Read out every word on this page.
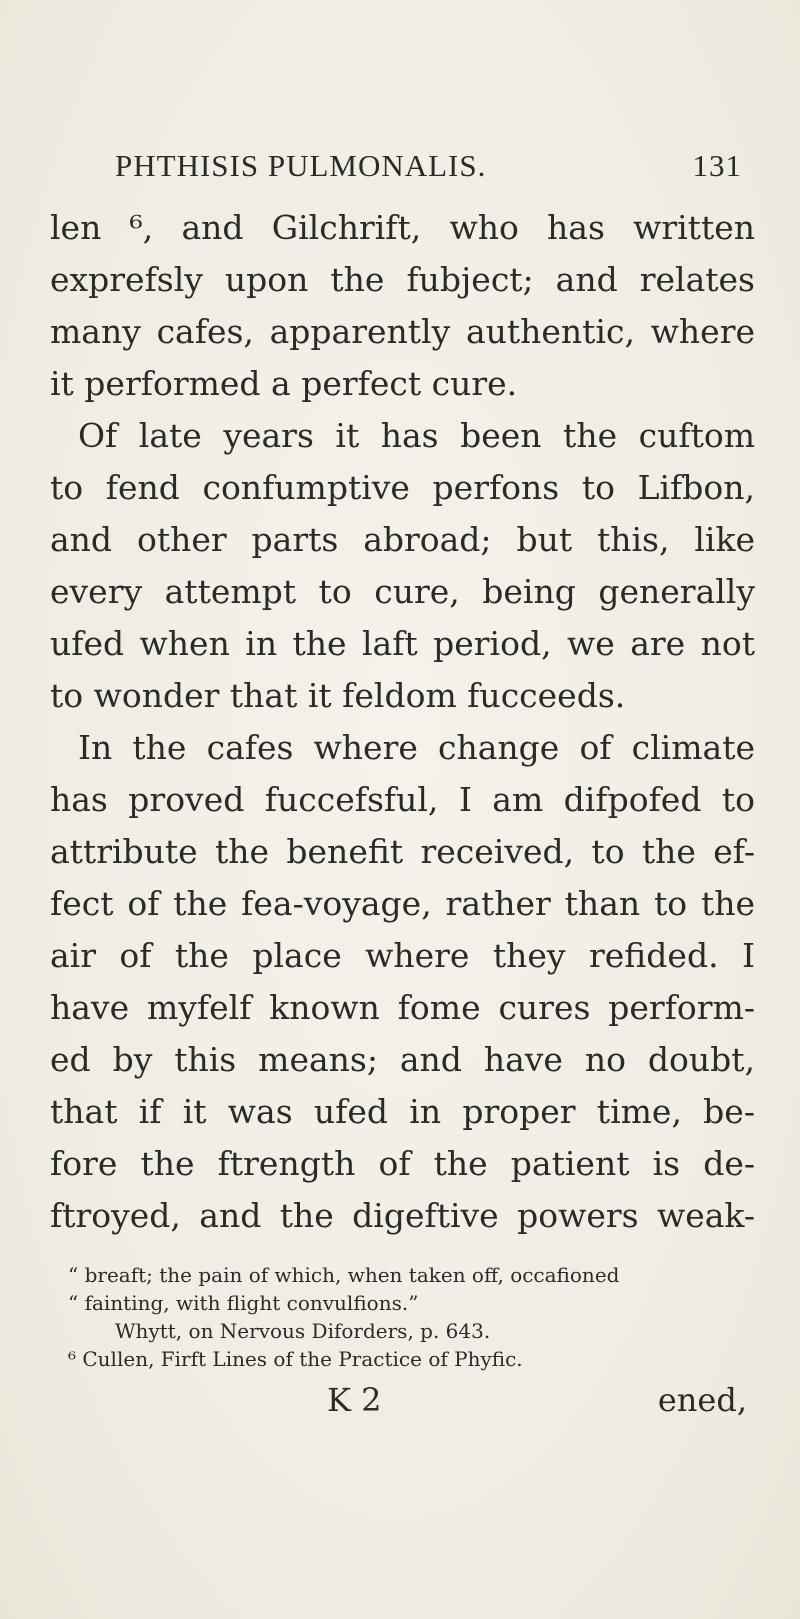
PHTHISIS PULMONALIS.	131
len ⁶, and Gilchrift, who has written
exprefsly upon the fubject; and relates
many cafes, apparently authentic, where
it performed a perfect cure.
Of late years it has been the cuftom
to fend confumptive perfons to Lifbon,
and other parts abroad; but this, like
every attempt to cure, being generally
ufed when in the laft period, we are not
to wonder that it feldom fucceeds.
In the cafes where change of climate
has proved fuccefsful, I am difpofed to
attribute the benefit received, to the ef-
fect of the fea-voyage, rather than to the
air of the place where they refided. I
have myfelf known fome cures perform-
ed by this means; and have no doubt,
that if it was ufed in proper time, be-
fore the ftrength of the patient is de-
ftroyed, and the digeftive powers weak-
“ breaft; the pain of which, when taken off, occafioned
“ fainting, with flight convulfions.”
Whytt, on Nervous Diforders, p. 643.
⁶ Cullen, Firft Lines of the Practice of Phyfic.
K 2	ened,
